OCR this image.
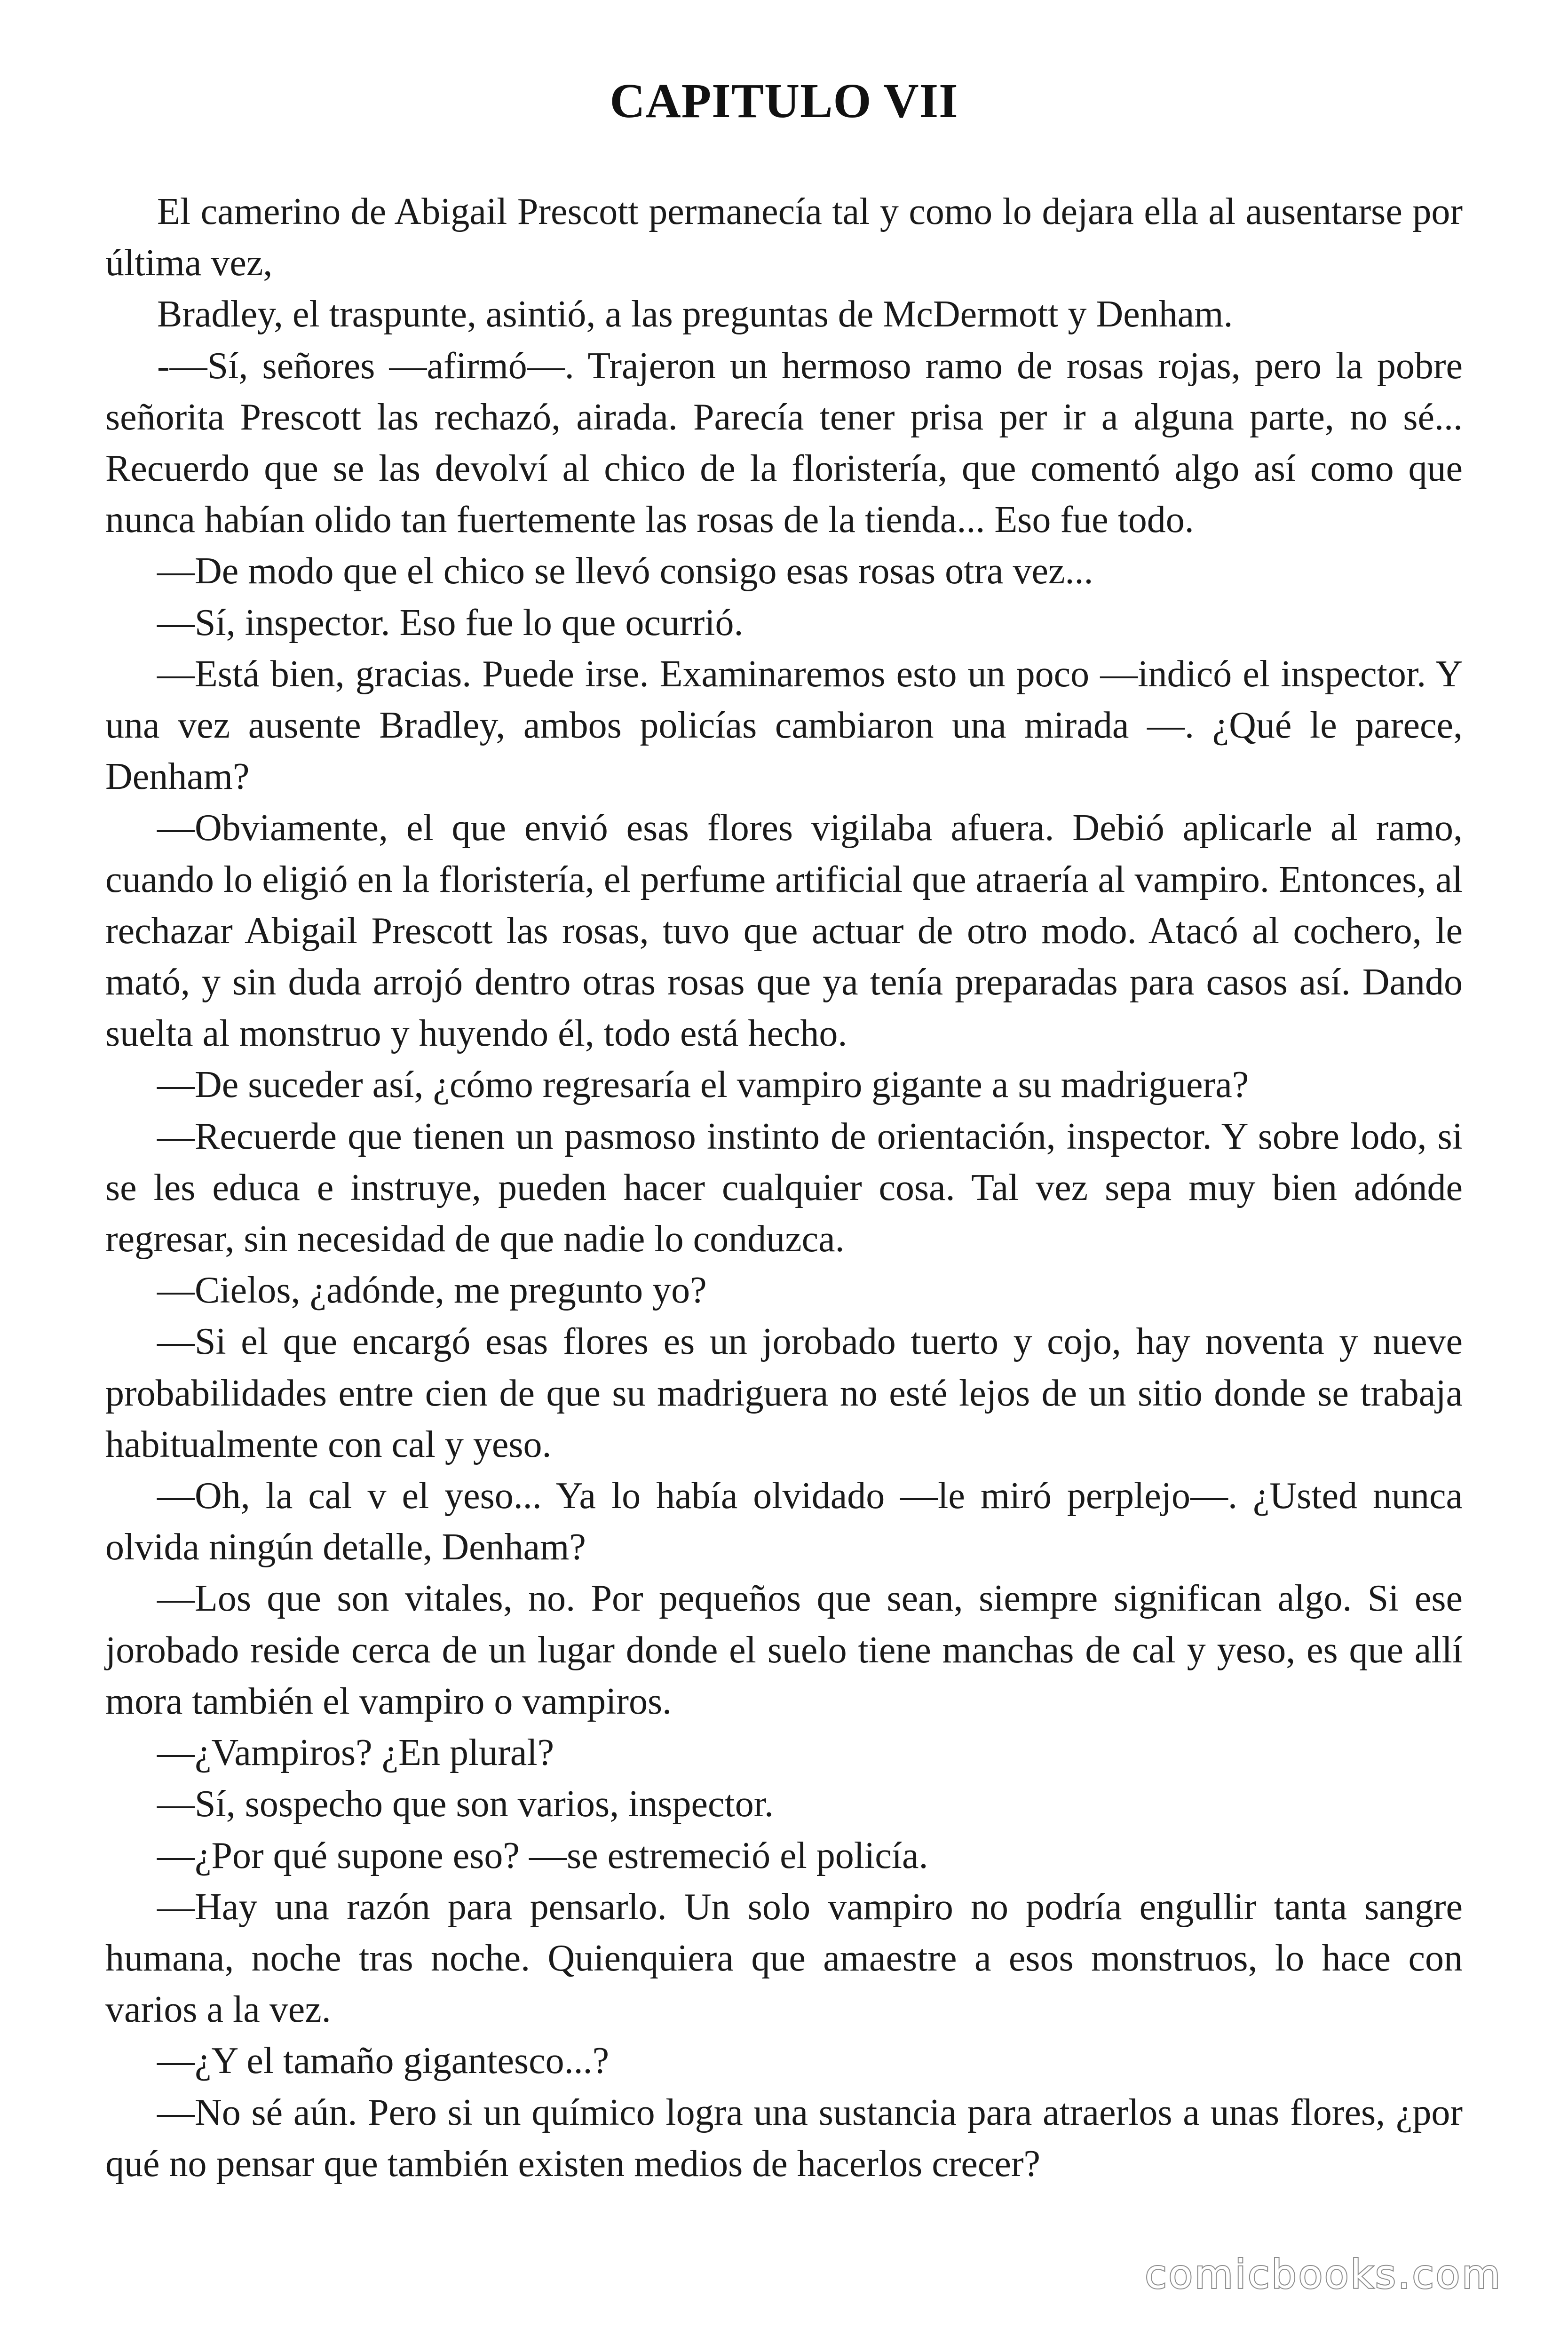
CAPITULO VII

El camerino de Abigail Prescott permanecía tal y como lo dejara ella al ausentarse por última vez,

Bradley, el traspunte, asintió, a las preguntas de McDermott y Denham.

-—Sí, señores —afirmó—. Trajeron un hermoso ramo de rosas rojas, pero la pobre señorita Prescott las rechazó, airada. Parecía tener prisa per ir a alguna parte, no sé... Recuerdo que se las devolví al chico de la floristería, que comentó algo así como que nunca habían olido tan fuertemente las rosas de la tienda... Eso fue todo.

—De modo que el chico se llevó consigo esas rosas otra vez...

—Sí, inspector. Eso fue lo que ocurrió.

—Está bien, gracias. Puede irse. Examinaremos esto un poco —indicó el inspector. Y una vez ausente Bradley, ambos policías cambiaron una mirada —. ¿Qué le parece, Denham?

—Obviamente, el que envió esas flores vigilaba afuera. Debió aplicarle al ramo, cuando lo eligió en la floristería, el perfume artificial que atraería al vampiro. Entonces, al rechazar Abigail Prescott las rosas, tuvo que actuar de otro modo. Atacó al cochero, le mató, y sin duda arrojó dentro otras rosas que ya tenía preparadas para casos así. Dando suelta al monstruo y huyendo él, todo está hecho.

—De suceder así, ¿cómo regresaría el vampiro gigante a su madriguera?

—Recuerde que tienen un pasmoso instinto de orientación, inspector. Y sobre lodo, si se les educa e instruye, pueden hacer cualquier cosa. Tal vez sepa muy bien adónde regresar, sin necesidad de que nadie lo conduzca.

—Cielos, ¿adónde, me pregunto yo?

—Si el que encargó esas flores es un jorobado tuerto y cojo, hay noventa y nueve probabilidades entre cien de que su madriguera no esté lejos de un sitio donde se trabaja habitualmente con cal y yeso.

—Oh, la cal v el yeso... Ya lo había olvidado —le miró perplejo—. ¿Usted nunca olvida ningún detalle, Denham?

—Los que son vitales, no. Por pequeños que sean, siempre significan algo. Si ese jorobado reside cerca de un lugar donde el suelo tiene manchas de cal y yeso, es que allí mora también el vampiro o vampiros.

—¿Vampiros? ¿En plural?

—Sí, sospecho que son varios, inspector.

—¿Por qué supone eso? —se estremeció el policía.

—Hay una razón para pensarlo. Un solo vampiro no podría engullir tanta sangre humana, noche tras noche. Quienquiera que amaestre a esos monstruos, lo hace con varios a la vez.

—¿Y el tamaño gigantesco...?

—No sé aún. Pero si un químico logra una sustancia para atraerlos a unas flores, ¿por qué no pensar que también existen medios de hacerlos crecer?

comicbooks.com
